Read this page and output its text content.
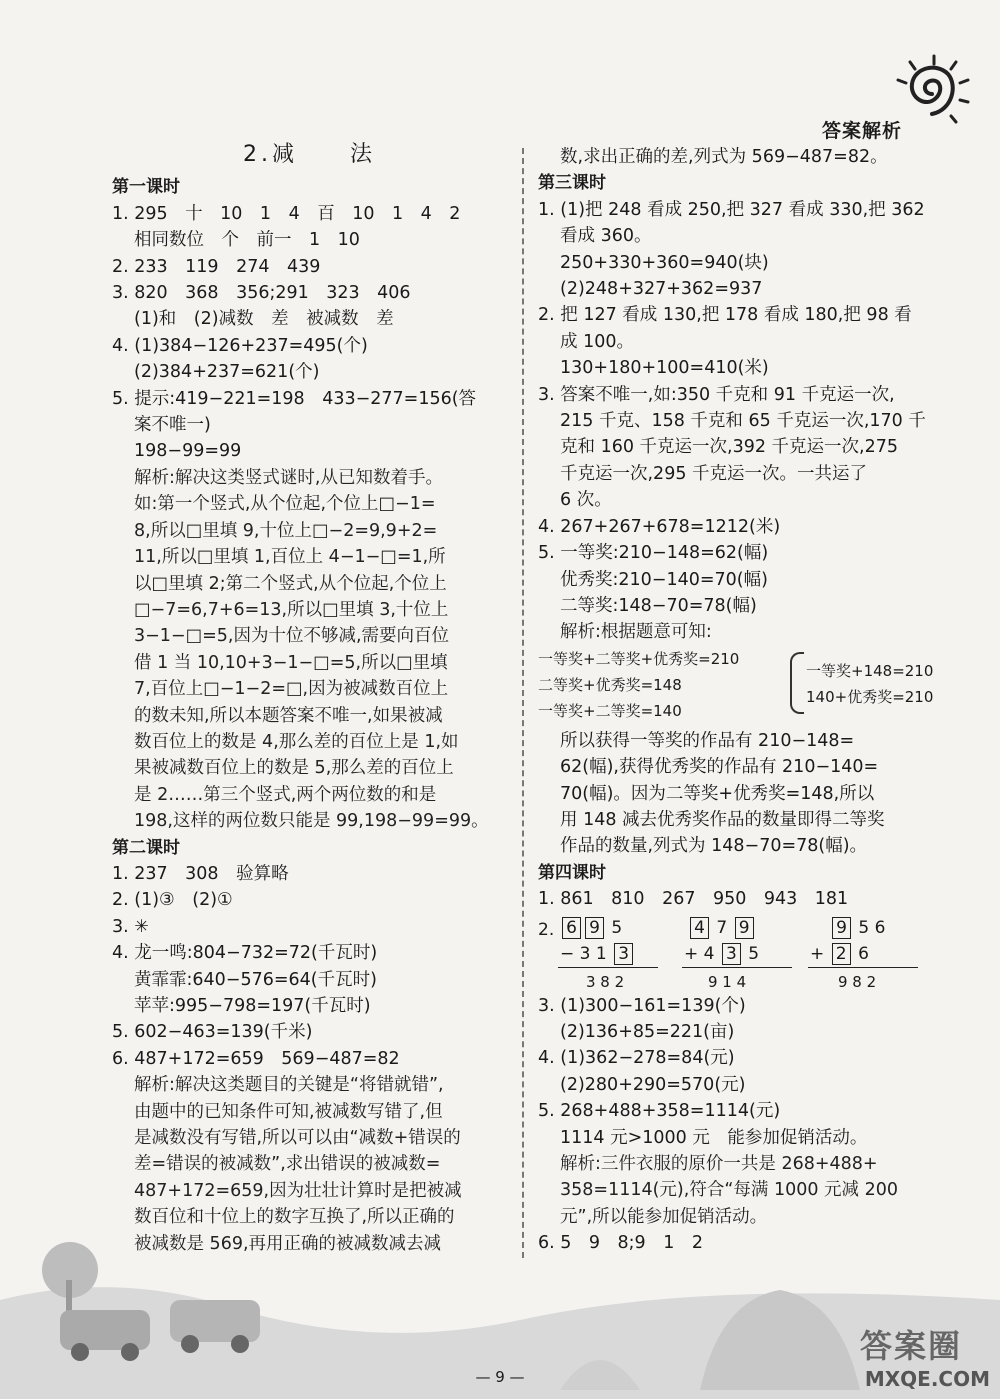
答案解析
2.减　　法
第一课时
1. 295　十　10　1　4　百　10　1　4　2
相同数位　个　前一　1　10
2. 233　119　274　439
3. 820　368　356;291　323　406
(1)和　(2)减数　差　被减数　差
4. (1)384−126+237=495(个)
(2)384+237=621(个)
5. 提示:419−221=198　433−277=156(答
案不唯一)
198−99=99
解析:解决这类竖式谜时,从已知数着手。
如:第一个竖式,从个位起,个位上□−1=
8,所以□里填 9,十位上□−2=9,9+2=
11,所以□里填 1,百位上 4−1−□=1,所
以□里填 2;第二个竖式,从个位起,个位上
□−7=6,7+6=13,所以□里填 3,十位上
3−1−□=5,因为十位不够减,需要向百位
借 1 当 10,10+3−1−□=5,所以□里填
7,百位上□−1−2=□,因为被减数百位上
的数未知,所以本题答案不唯一,如果被减
数百位上的数是 4,那么差的百位上是 1,如
果被减数百位上的数是 5,那么差的百位上
是 2……第三个竖式,两个两位数的和是
198,这样的两位数只能是 99,198−99=99。
第二课时
1. 237　308　验算略
2. (1)③　(2)①
3. ✳
4. 龙一鸣:804−732=72(千瓦时)
黄霏霏:640−576=64(千瓦时)
苹苹:995−798=197(千瓦时)
5. 602−463=139(千米)
6. 487+172=659　569−487=82
解析:解决这类题目的关键是“将错就错”,
由题中的已知条件可知,被减数写错了,但
是减数没有写错,所以可以由“减数+错误的
差=错误的被减数”,求出错误的被减数=
487+172=659,因为壮壮计算时是把被减
数百位和十位上的数字互换了,所以正确的
被减数是 569,再用正确的被减数减去减
数,求出正确的差,列式为 569−487=82。
第三课时
1. (1)把 248 看成 250,把 327 看成 330,把 362
看成 360。
250+330+360=940(块)
(2)248+327+362=937
2. 把 127 看成 130,把 178 看成 180,把 98 看
成 100。
130+180+100=410(米)
3. 答案不唯一,如:350 千克和 91 千克运一次,
215 千克、158 千克和 65 千克运一次,170 千
克和 160 千克运一次,392 千克运一次,275
千克运一次,295 千克运一次。一共运了
6 次。
4. 267+267+678=1212(米)
5. 一等奖:210−148=62(幅)
优秀奖:210−140=70(幅)
二等奖:148−70=78(幅)
解析:根据题意可知:
一等奖+二等奖+优秀奖=210
二等奖+优秀奖=148
一等奖+二等奖=140
一等奖+148=210
140+优秀奖=210
所以获得一等奖的作品有 210−148=
62(幅),获得优秀奖的作品有 210−140=
70(幅)。因为二等奖+优秀奖=148,所以
用 148 减去优秀奖作品的数量即得二等奖
作品的数量,列式为 148−70=78(幅)。
第四课时
1. 861　810　267　950　943　181
2. 6 9 5
− 3 1 3
3 8 2
4 7 9
+ 4 3 5
9 1 4
9 5 6
+ 2 6
9 8 2
3. (1)300−161=139(个)
(2)136+85=221(亩)
4. (1)362−278=84(元)
(2)280+290=570(元)
5. 268+488+358=1114(元)
1114 元>1000 元　能参加促销活动。
解析:三件衣服的原价一共是 268+488+
358=1114(元),符合“每满 1000 元减 200
元”,所以能参加促销活动。
6. 5　9　8;9　1　2
— 9 —
答案圈
MXQE.COM
